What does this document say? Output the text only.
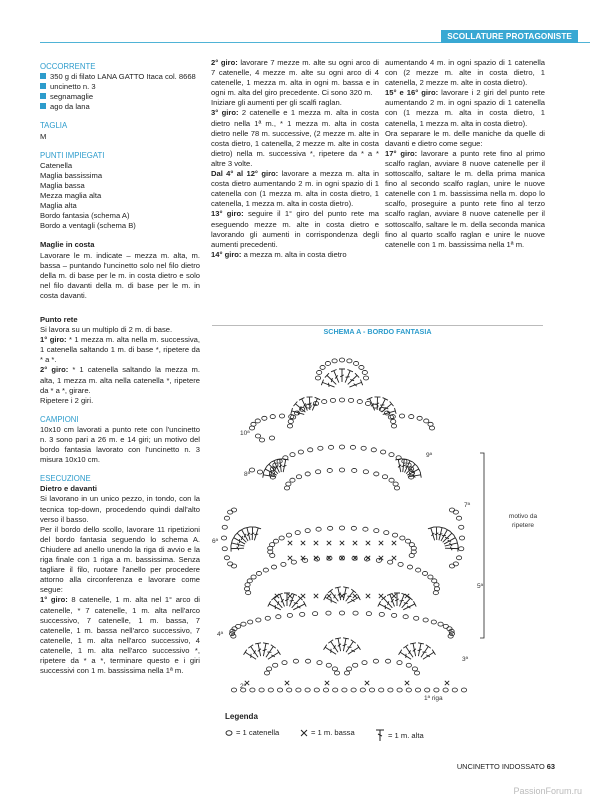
SCOLLATURE PROTAGONISTE
OCCORRENTE

350 g di filato LANA GATTO Itaca col. 8668

uncinetto n. 3

segnamaglie

ago da lana

TAGLIA

M

PUNTI IMPIEGATI

Catenella

Maglia bassissima

Maglia bassa

Mezza maglia alta

Maglia alta

Bordo fantasia (schema A)

Bordo a ventagli (schema B)

Maglie in costa

Lavorare le m. indicate – mezza m. alta, m. bassa – puntando l'uncinetto solo nel filo dietro della m. di base per le m. in costa dietro e solo nel filo davanti della m. di base per le m. in costa davanti.

Punto rete

Si lavora su un multiplo di 2 m. di base.

1° giro: * 1 mezza m. alta nella m. successiva, 1 catenella saltando 1 m. di base *, ripetere da * a *.

2° giro: * 1 catenella saltando la mezza m. alta, 1 mezza m. alta nella catenella *, ripetere da * a *, girare.

Ripetere i 2 giri.

CAMPIONI

10x10 cm lavorati a punto rete con l'uncinetto n. 3 sono pari a 26 m. e 14 giri; un motivo del bordo fantasia lavorato con l'uncinetto n. 3 misura 10x10 cm.

ESECUZIONE

Dietro e davanti

Si lavorano in un unico pezzo, in tondo, con la tecnica top-down, procedendo quindi dall'alto verso il basso.

Per il bordo dello scollo, lavorare 11 ripetizioni del bordo fantasia seguendo lo schema A. Chiudere ad anello unendo la riga di avvio e la riga finale con 1 riga a m. bassissima. Senza tagliare il filo, ruotare l'anello per procedere attorno alla circonferenza e lavorare come segue:

1° giro: 8 catenelle, 1 m. alta nel 1° arco di catenelle, * 7 catenelle, 1 m. alta nell'arco successivo, 7 catenelle, 1 m. bassa, 7 catenelle, 1 m. bassa nell'arco successivo, 7 catenelle, 1 m. alta nell'arco successivo, 4 catenelle, 1 m. alta nell'arco successivo *, ripetere da * a *, terminare questo e i giri successivi con 1 m. bassissima nella 1ª m.

2° giro: lavorare 7 mezze m. alte su ogni arco di 7 catenelle, 4 mezze m. alte su ogni arco di 4 catenelle, 1 mezza m. alta in ogni m. bassa e in ogni m. alta del giro precedente. Ci sono 320 m.

Iniziare gli aumenti per gli scalfi raglan.

3° giro: 2 catenelle e 1 mezza m. alta in costa dietro nella 1ª m., * 1 mezza m. alta in costa dietro nelle 78 m. successive, (2 mezze m. alte in costa dietro, 1 catenella, 2 mezze m. alte in costa dietro) nella m. successiva *, ripetere da * a * altre 3 volte.

Dal 4° al 12° giro: lavorare a mezza m. alta in costa dietro aumentando 2 m. in ogni spazio di 1 catenella con (1 mezza m. alta in costa dietro, 1 catenella, 1 mezza m. alta in costa dietro).

13° giro: seguire il 1° giro del punto rete ma eseguendo mezze m. alte in costa dietro e lavorando gli aumenti in corrispondenza degli aumenti precedenti.

14° giro: a mezza m. alta in costa dietro

aumentando 4 m. in ogni spazio di 1 catenella con (2 mezze m. alte in costa dietro, 1 catenella, 2 mezze m. alte in costa dietro).

15° e 16° giro: lavorare i 2 giri del punto rete aumentando 2 m. in ogni spazio di 1 catenella con (1 mezza m. alta in costa dietro, 1 catenella, 1 mezza m. alta in costa dietro).

Ora separare le m. delle maniche da quelle di davanti e dietro come segue:

17° giro: lavorare a punto rete fino al primo scalfo raglan, avviare 8 nuove catenelle per il sottoscalfo, saltare le m. della prima manica fino al secondo scalfo raglan, unire le nuove catenelle con 1 m. bassissima nella m. dopo lo scalfo, proseguire a punto rete fino al terzo scalfo raglan, avviare 8 nuove catenelle per il sottoscalfo, saltare le m. della seconda manica fino al quarto scalfo raglan e unire le nuove catenelle con 1 m. bassissima nella 1ª m.

SCHEMA A - BORDO FANTASIA
10ª
9ª
8ª
7ª
6ª
5ª
4ª
3ª
2ª
1ª riga
motivo da ripetere
Legenda
= 1 catenella	= 1 m. bassa	= 1 m. alta
UNCINETTO INDOSSATO 63
PassionForum.ru
